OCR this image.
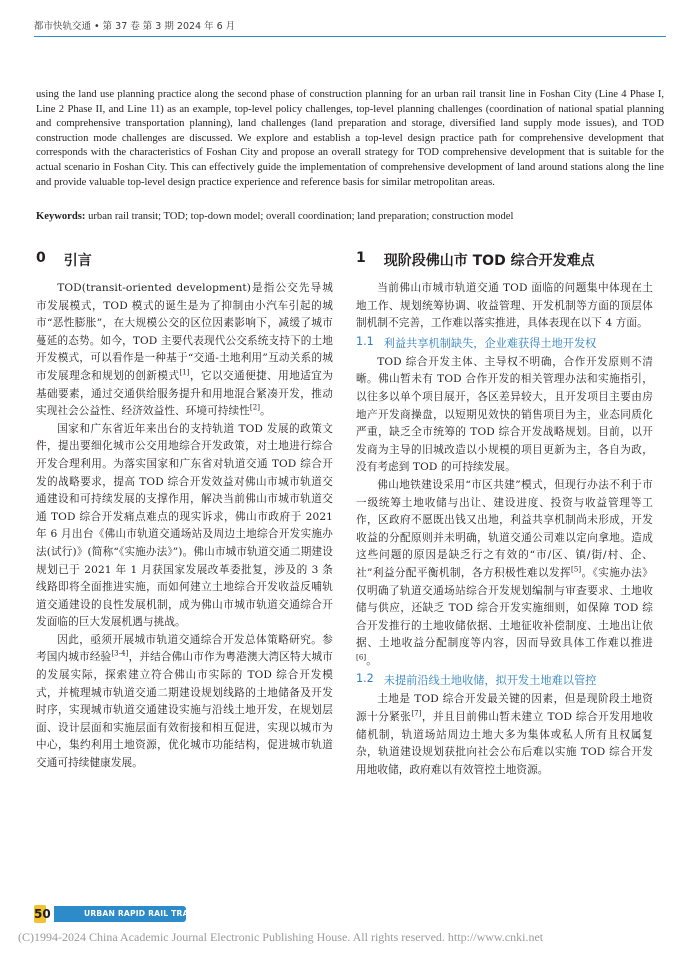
都市快轨交通 • 第 37 卷 第 3 期 2024 年 6 月

using the land use planning practice along the second phase of construction planning for an urban rail transit line in Foshan City (Line 4 Phase I, Line 2 Phase II, and Line 11) as an example, top-level policy challenges, top-level planning challenges (coordination of national spatial planning and comprehensive transportation planning), land challenges (land preparation and storage, diversified land supply mode issues), and TOD construction mode challenges are discussed. We explore and establish a top-level design practice path for comprehensive development that corresponds with the characteristics of Foshan City and propose an overall strategy for TOD comprehensive development that is suitable for the actual scenario in Foshan City. This can effectively guide the implementation of comprehensive development of land around stations along the line and provide valuable top-level design practice experience and reference basis for similar metropolitan areas.

Keywords: urban rail transit; TOD; top-down model; overall coordination; land preparation; construction model
0 引言

TOD(transit-oriented development)是指公交先导城市发展模式，TOD 模式的诞生是为了抑制由小汽车引起的城市“恶性膨胀”，在大规模公交的区位因素影响下，减缓了城市蔓延的态势。如今，TOD 主要代表现代公交系统支持下的土地开发模式，可以看作是一种基于“交通-土地利用”互动关系的城市发展理念和规划的创新模式[1]，它以交通便捷、用地适宜为基础要素，通过交通供给服务提升和用地混合紧凑开发，推动实现社会公益性、经济效益性、环境可持续性[2]。

国家和广东省近年来出台的支持轨道 TOD 发展的政策文件，提出要细化城市公交用地综合开发政策，对土地进行综合开发合理利用。为落实国家和广东省对轨道交通 TOD 综合开发的战略要求，提高 TOD 综合开发效益对佛山市城市轨道交通建设和可持续发展的支撑作用，解决当前佛山市城市轨道交通 TOD 综合开发痛点难点的现实诉求，佛山市政府于 2021 年 6 月出台《佛山市轨道交通场站及周边土地综合开发实施办法(试行)》(简称“《实施办法》”)。佛山市城市轨道交通二期建设规划已于 2021 年 1 月获国家发展改革委批复，涉及的 3 条线路即将全面推进实施，而如何建立土地综合开发收益反哺轨道交通建设的良性发展机制，成为佛山市城市轨道交通综合开发面临的巨大发展机遇与挑战。

因此，亟须开展城市轨道交通综合开发总体策略研究。参考国内城市经验[3-4]，并结合佛山市作为粤港澳大湾区特大城市的发展实际，探索建立符合佛山市实际的 TOD 综合开发模式，并梳理城市轨道交通二期建设规划线路的土地储备及开发时序，实现城市轨道交通建设实施与沿线土地开发，在规划层面、设计层面和实施层面有效衔接和相互促进，实现以城市为中心，集约利用土地资源，优化城市功能结构，促进城市轨道交通可持续健康发展。

1 现阶段佛山市 TOD 综合开发难点

当前佛山市城市轨道交通 TOD 面临的问题集中体现在土地工作、规划统筹协调、收益管理、开发机制等方面的顶层体制机制不完善，工作难以落实推进，具体表现在以下 4 方面。

1.1 利益共享机制缺失，企业难获得土地开发权

TOD 综合开发主体、主导权不明确，合作开发原则不清晰。佛山暂未有 TOD 合作开发的相关管理办法和实施指引，以往多以单个项目展开，各区差异较大，且开发项目主要由房地产开发商操盘，以短期见效快的销售项目为主，业态同质化严重，缺乏全市统筹的 TOD 综合开发战略规划。目前，以开发商为主导的旧城改造以小规模的项目更新为主，各自为政，没有考虑到 TOD 的可持续发展。

佛山地铁建设采用“市区共建”模式，但现行办法不利于市一级统筹土地收储与出让、建设进度、投资与收益管理等工作，区政府不愿既出钱又出地，利益共享机制尚未形成，开发收益的分配原则并未明确，轨道交通公司难以定向拿地。造成这些问题的原因是缺乏行之有效的“市/区、镇/街/村、企、社”利益分配平衡机制，各方积极性难以发挥[5]。《实施办法》仅明确了轨道交通场站综合开发规划编制与审查要求、土地收储与供应，还缺乏 TOD 综合开发实施细则，如保障 TOD 综合开发推行的土地收储依据、土地征收补偿制度、土地出让依据、土地收益分配制度等内容，因而导致具体工作难以推进[6]。

1.2 未提前沿线土地收储，拟开发土地难以管控

土地是 TOD 综合开发最关键的因素，但是现阶段土地资源十分紧张[7]，并且目前佛山暂未建立 TOD 综合开发用地收储机制，轨道场站周边土地大多为集体或私人所有且权属复杂，轨道建设规划获批向社会公布后难以实施 TOD 综合开发用地收储，政府难以有效管控土地资源。

50	URBAN RAPID RAIL TRANSIT
(C)1994-2024 China Academic Journal Electronic Publishing House. All rights reserved. http://www.cnki.net
